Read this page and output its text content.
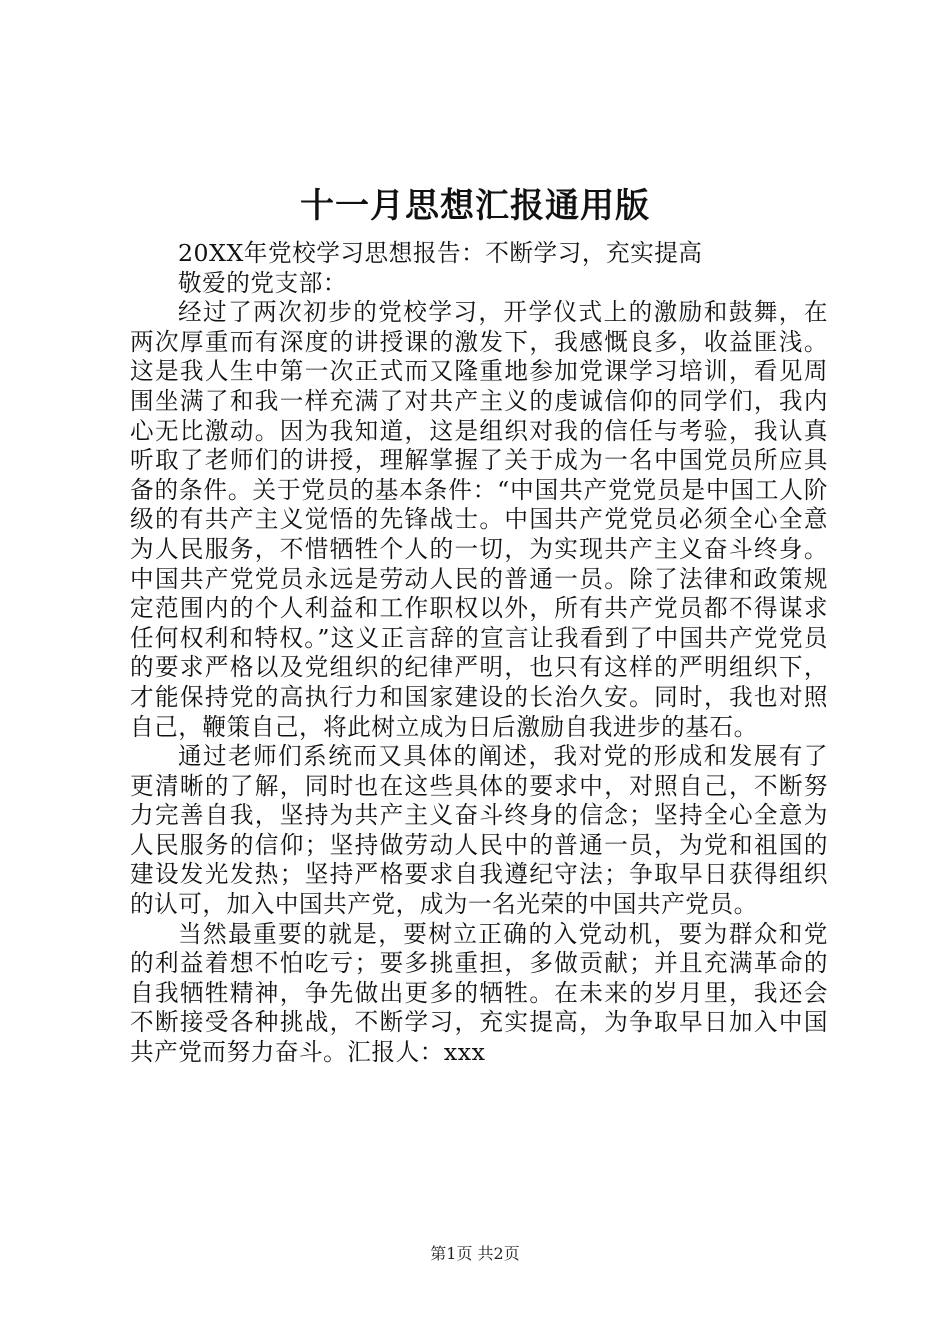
十一月思想汇报通用版

20XX年党校学习思想报告：不断学习，充实提高

敬爱的党支部：

经过了两次初步的党校学习，开学仪式上的激励和鼓舞，在两次厚重而有深度的讲授课的激发下，我感慨良多，收益匪浅。这是我人生中第一次正式而又隆重地参加党课学习培训，看见周围坐满了和我一样充满了对共产主义的虔诚信仰的同学们，我内心无比激动。因为我知道，这是组织对我的信任与考验，我认真听取了老师们的讲授，理解掌握了关于成为一名中国党员所应具备的条件。关于党员的基本条件：“中国共产党党员是中国工人阶级的有共产主义觉悟的先锋战士。中国共产党党员必须全心全意为人民服务，不惜牺牲个人的一切，为实现共产主义奋斗终身。中国共产党党员永远是劳动人民的普通一员。除了法律和政策规定范围内的个人利益和工作职权以外，所有共产党员都不得谋求任何权利和特权。”这义正言辞的宣言让我看到了中国共产党党员的要求严格以及党组织的纪律严明，也只有这样的严明组织下，才能保持党的高执行力和国家建设的长治久安。同时，我也对照自己，鞭策自己，将此树立成为日后激励自我进步的基石。

通过老师们系统而又具体的阐述，我对党的形成和发展有了更清晰的了解，同时也在这些具体的要求中，对照自己，不断努力完善自我，坚持为共产主义奋斗终身的信念；坚持全心全意为人民服务的信仰；坚持做劳动人民中的普通一员，为党和祖国的建设发光发热；坚持严格要求自我遵纪守法；争取早日获得组织的认可，加入中国共产党，成为一名光荣的中国共产党员。

当然最重要的就是，要树立正确的入党动机，要为群众和党的利益着想不怕吃亏；要多挑重担，多做贡献；并且充满革命的自我牺牲精神，争先做出更多的牺牲。在未来的岁月里，我还会不断接受各种挑战，不断学习，充实提高，为争取早日加入中国共产党而努力奋斗。汇报人：xxx

第1页 共2页
